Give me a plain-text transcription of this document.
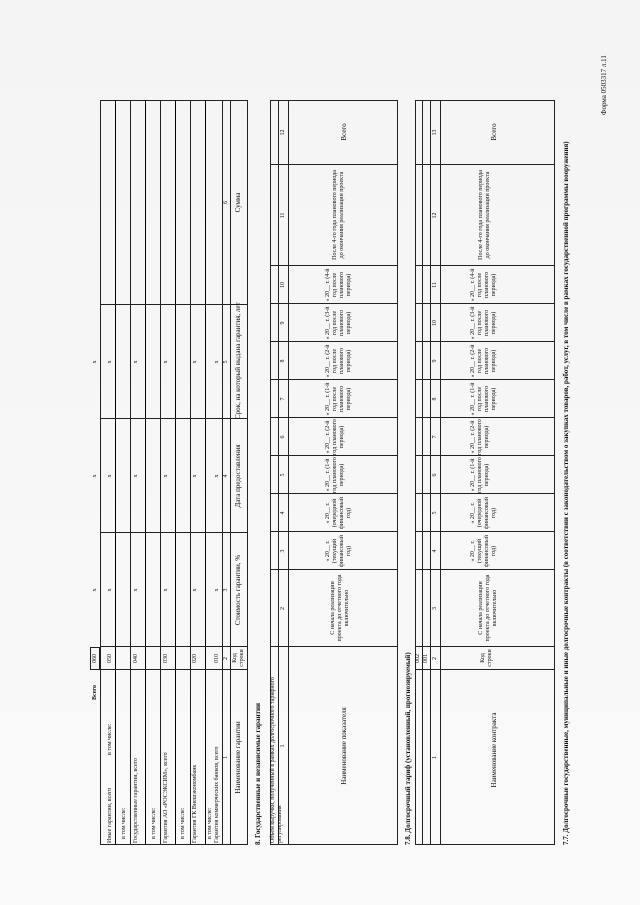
Форма 0503317 л.11
7.7. Долгосрочные государственные, муниципальные и иные долгосрочные контракты (в соответствии с законодательством о закупках товаров, работ, услуг, в том числе в рамках государственной программы вооружения)
Наименование контракта
Код строки
С начала реализации проекта до отчетного года включительно
« 20__ г. (текущий финансовый год)
« 20__ г. (очередной финансовый год)
« 20__ г. (1-й год планового периода)
« 20__ г. (2-й год планового периода)
« 20__ г. (1-й год после планового периода)
« 20__ г. (2-й год после планового периода)
« 20__ г. (3-й год после планового периода)
« 20__ г. (4-й год после планового периода)
После 4-го года планового периода до окончания реализации проекта
Всего
1
2
3
4
5
6
7
8
9
10
11
12
13
001
002
7.8. Долгосрочный тариф (установленный, прогнозируемый)
Наименование показателя
С начала реализации проекта до отчетного года включительно
« 20__ г. (текущий финансовый год)
« 20__ г. (очередной финансовый год)
« 20__ г. (1-й год планового периода)
« 20__ г. (2-й год планового периода)
« 20__ г. (1-й год после планового периода)
« 20__ г. (2-й год после планового периода)
« 20__ г. (3-й год после планового периода)
« 20__ г. (4-й год после планового периода)
После 4-го года планового периода до окончания реализации проекта
Всего
1
2
3
4
5
6
7
8
9
10
11
12
Объем выручки, полученный в рамках долгосрочного тарифного регулирования
8. Государственные и независимые гарантии
Наименование гарантии
Код строки
Стоимость гарантии, %
Дата предоставления
Срок, на который выдана гарантия, лет
Сумма
1
2
3
4
5
6
Гарантия коммерческих банков, всего
в том числе:
010
x
x
x
Гарантия ГК Внешэкономбанк
в том числе:
020
x
x
x
Гарантия АО «РОСЭКСИМ», всего
в том числе:
030
x
x
x
Государственные гарантии, всего
в том числе:
040
x
x
x
Иные гарантии, всего
в том числе:
050
x
x
x
Всего
060
x
x
x
